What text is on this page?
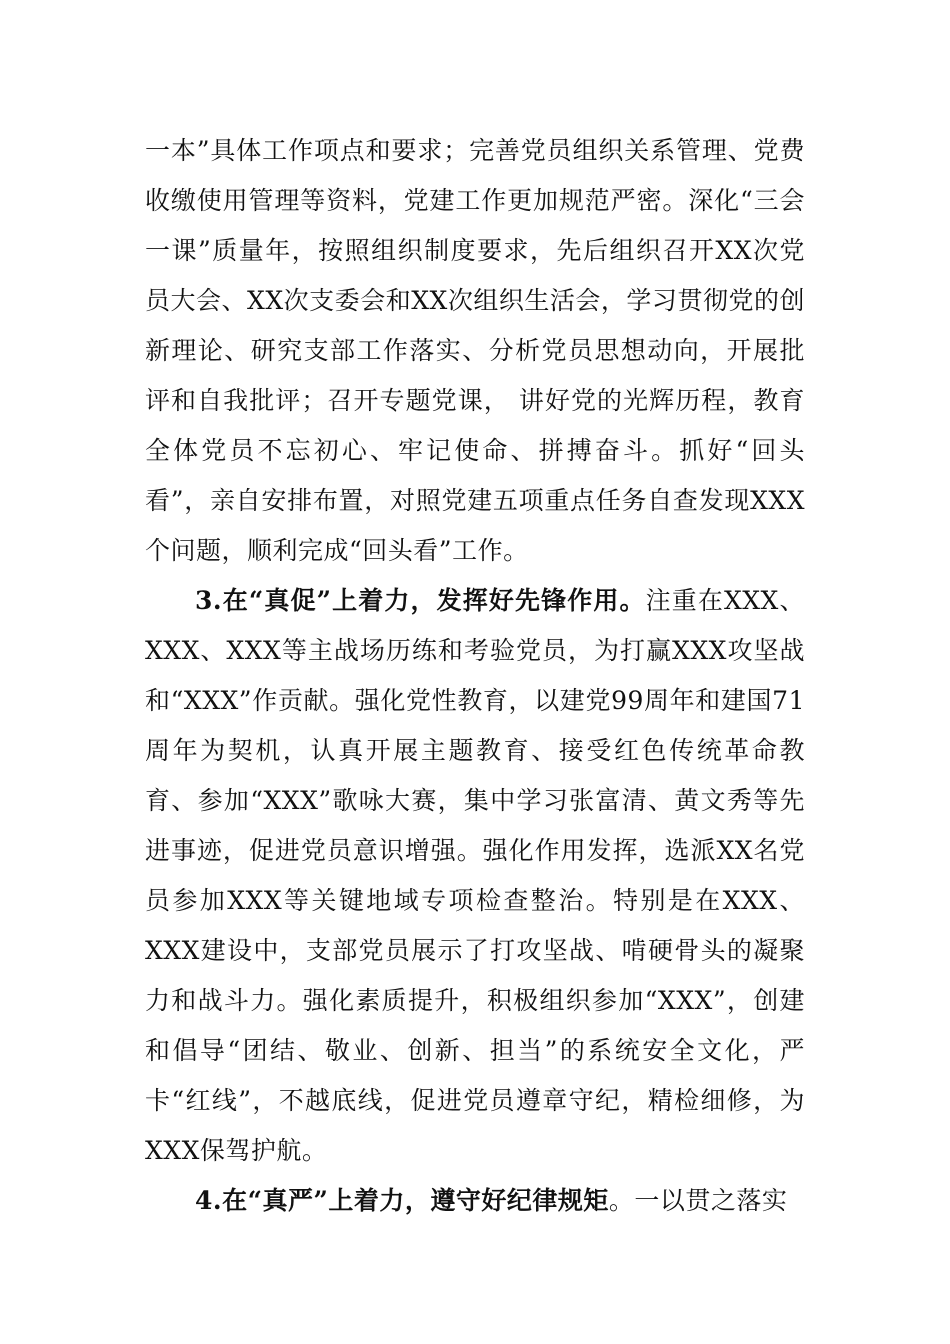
一本”具体工作项点和要求；完善党员组织关系管理、党费收缴使用管理等资料，党建工作更加规范严密。深化“三会一课”质量年，按照组织制度要求，先后组织召开XX次党员大会、XX次支委会和XX次组织生活会，学习贯彻党的创新理论、研究支部工作落实、分析党员思想动向，开展批评和自我批评；召开专题党课， 讲好党的光辉历程，教育全体党员不忘初心、牢记使命、拼搏奋斗。抓好“回头看”，亲自安排布置，对照党建五项重点任务自查发现XXX个问题，顺利完成“回头看”工作。

3.在“真促”上着力，发挥好先锋作用。注重在XXX、XXX、XXX等主战场历练和考验党员，为打赢XXX攻坚战和“XXX”作贡献。强化党性教育，以建党99周年和建国71周年为契机，认真开展主题教育、接受红色传统革命教育、参加“XXX”歌咏大赛，集中学习张富清、黄文秀等先进事迹，促进党员意识增强。强化作用发挥，选派XX名党员参加XXX等关键地域专项检查整治。特别是在XXX、XXX建设中，支部党员展示了打攻坚战、啃硬骨头的凝聚力和战斗力。强化素质提升，积极组织参加“XXX”，创建和倡导“团结、敬业、创新、担当”的系统安全文化，严卡“红线”，不越底线，促进党员遵章守纪，精检细修，为XXX保驾护航。

4.在“真严”上着力，遵守好纪律规矩。一以贯之落实
